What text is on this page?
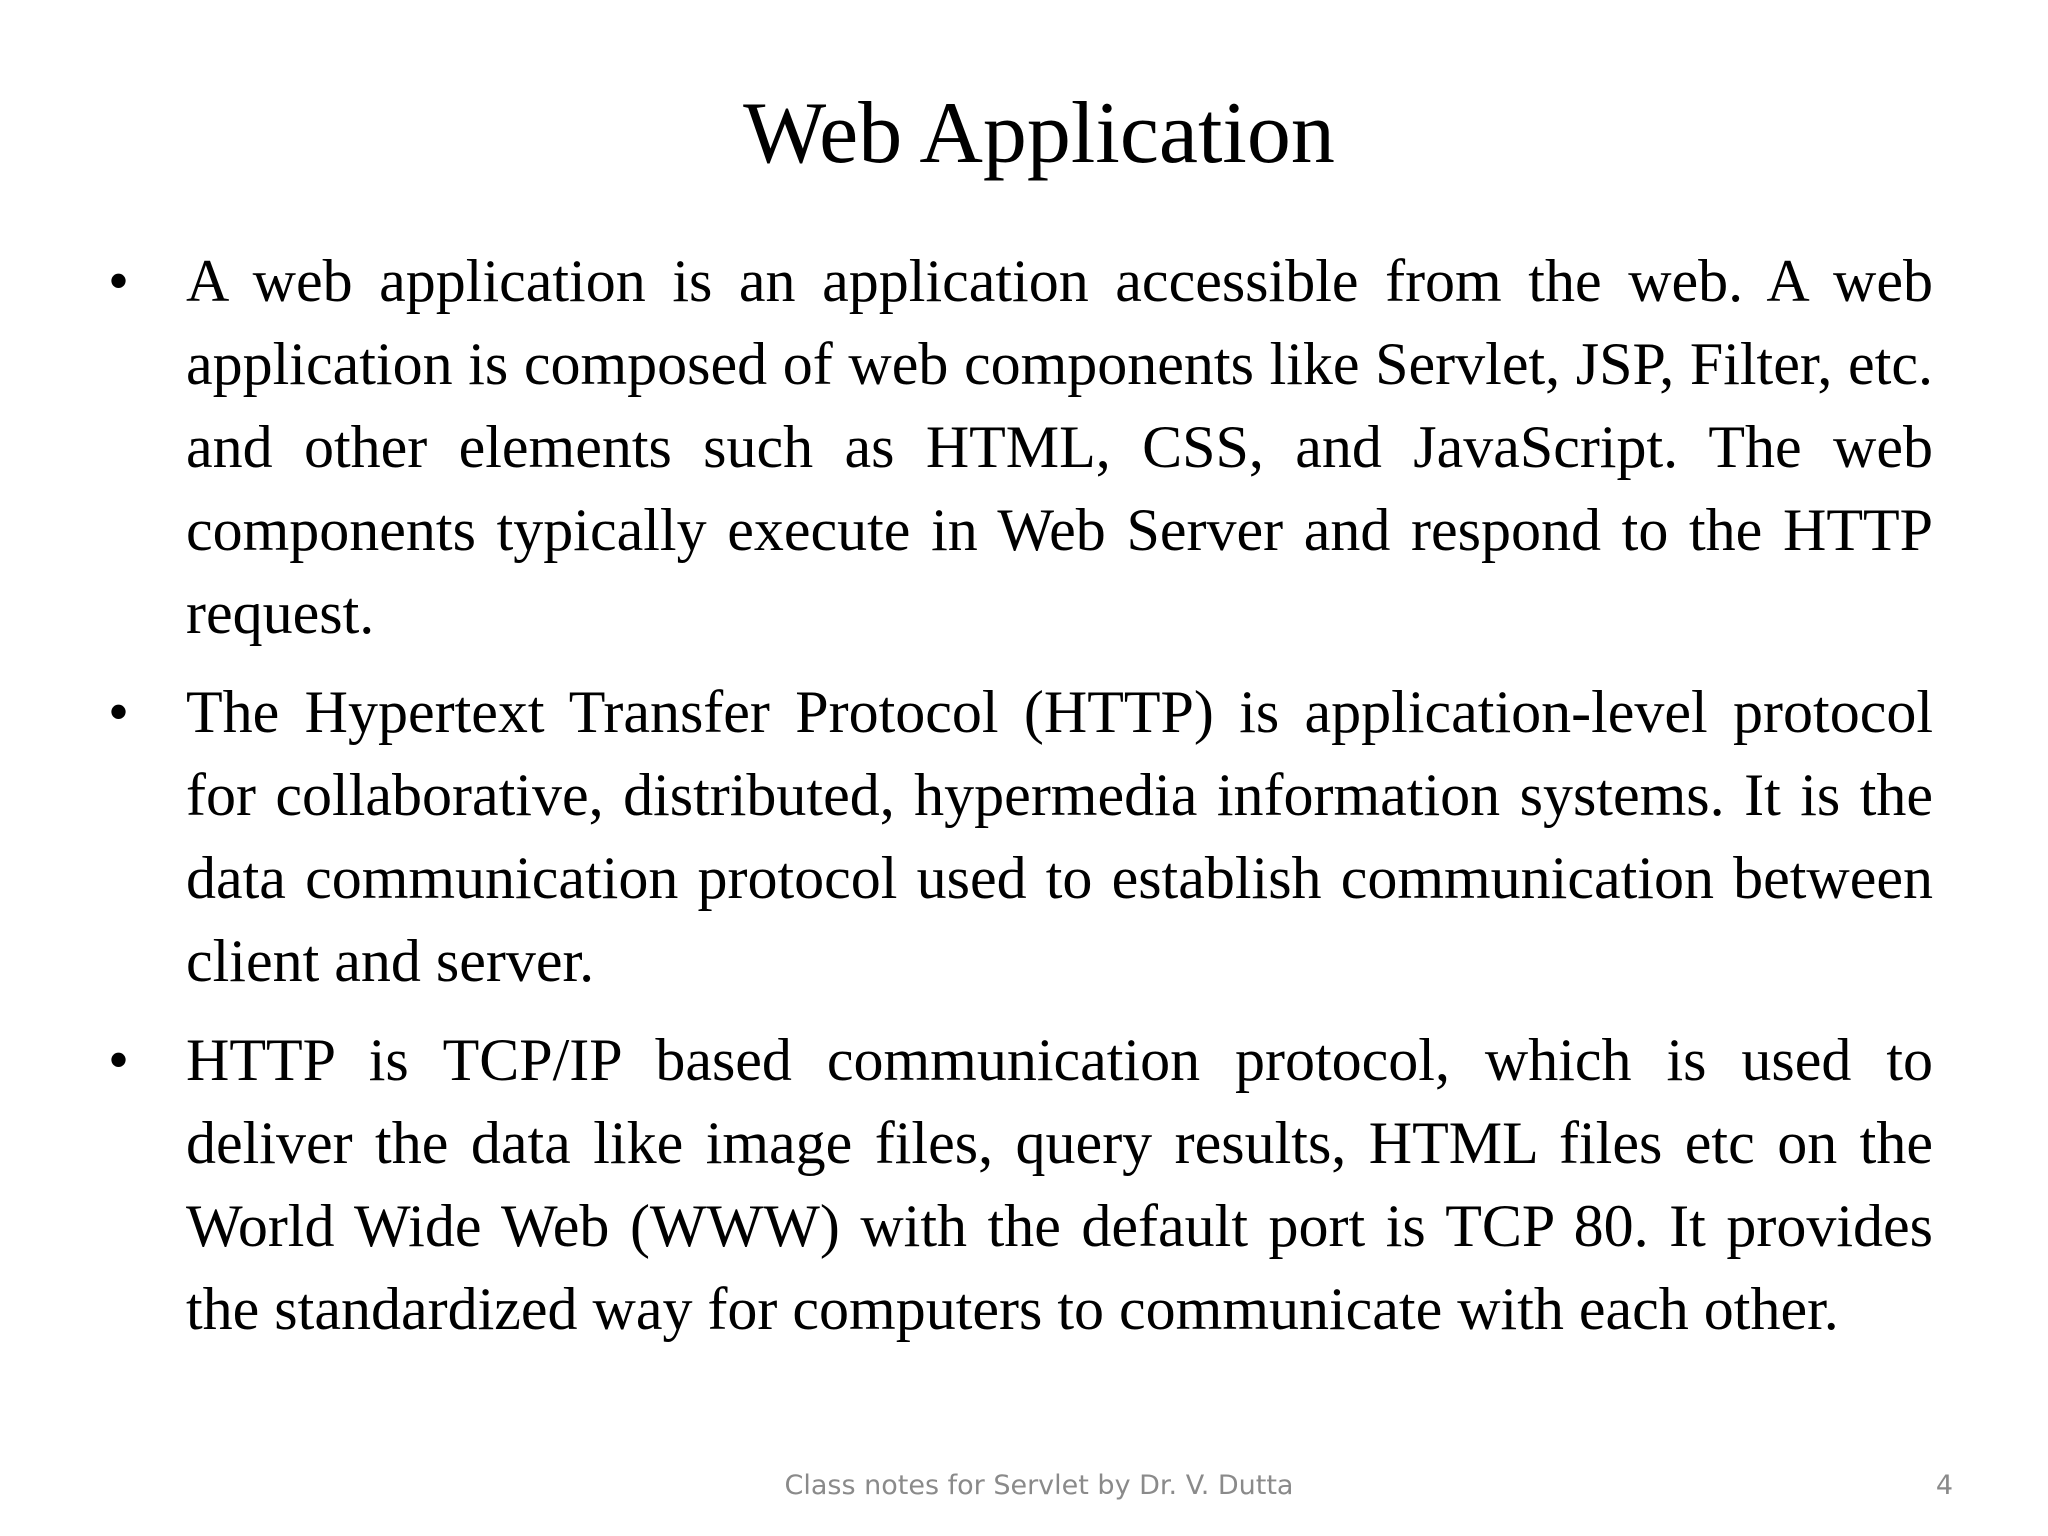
Web Application
• A web application is an application accessible from the web. A web application is composed of web components like Servlet, JSP, Filter, etc. and other elements such as HTML, CSS, and JavaScript. The web components typically execute in Web Server and respond to the HTTP request.
• The Hypertext Transfer Protocol (HTTP) is application-level protocol for collaborative, distributed, hypermedia information systems. It is the data communication protocol used to establish communication between client and server.
• HTTP is TCP/IP based communication protocol, which is used to deliver the data like image files, query results, HTML files etc on the World Wide Web (WWW) with the default port is TCP 80. It provides the standardized way for computers to communicate with each other.
Class notes for Servlet by Dr. V. Dutta	4
